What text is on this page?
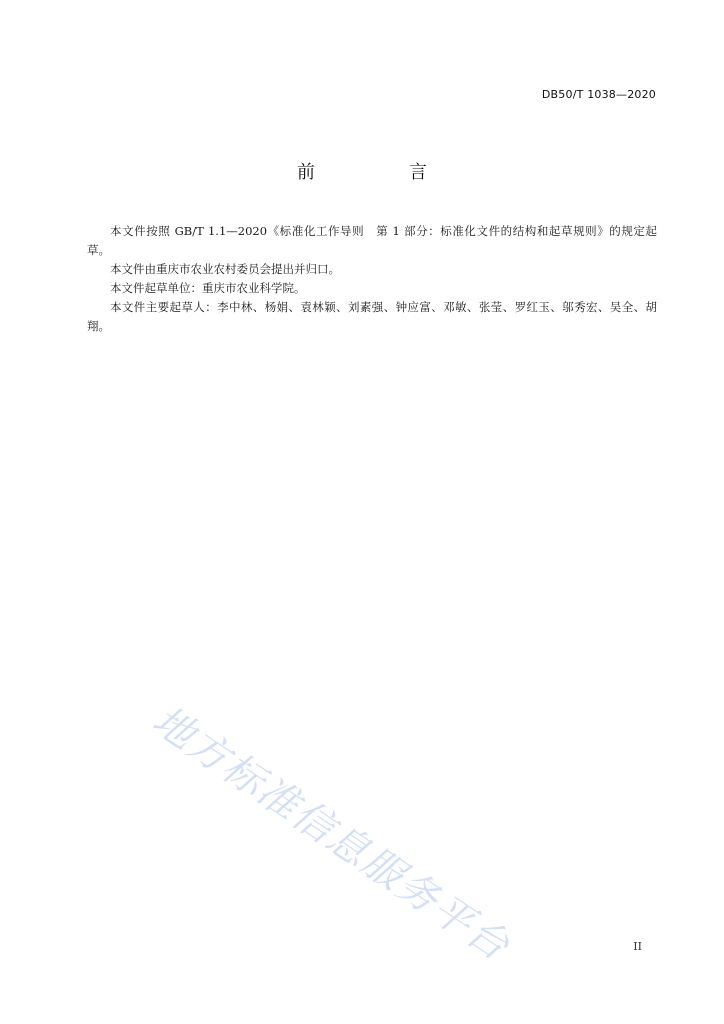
DB50/T 1038—2020
前　言

本文件按照 GB/T 1.1—2020《标准化工作导则　第 1 部分：标准化文件的结构和起草规则》的规定起草。

本文件由重庆市农业农村委员会提出并归口。

本文件起草单位：重庆市农业科学院。

本文件主要起草人：李中林、杨娟、袁林颖、刘素强、钟应富、邓敏、张莹、罗红玉、邬秀宏、吴全、胡翔。

地方标准信息服务平台	II
